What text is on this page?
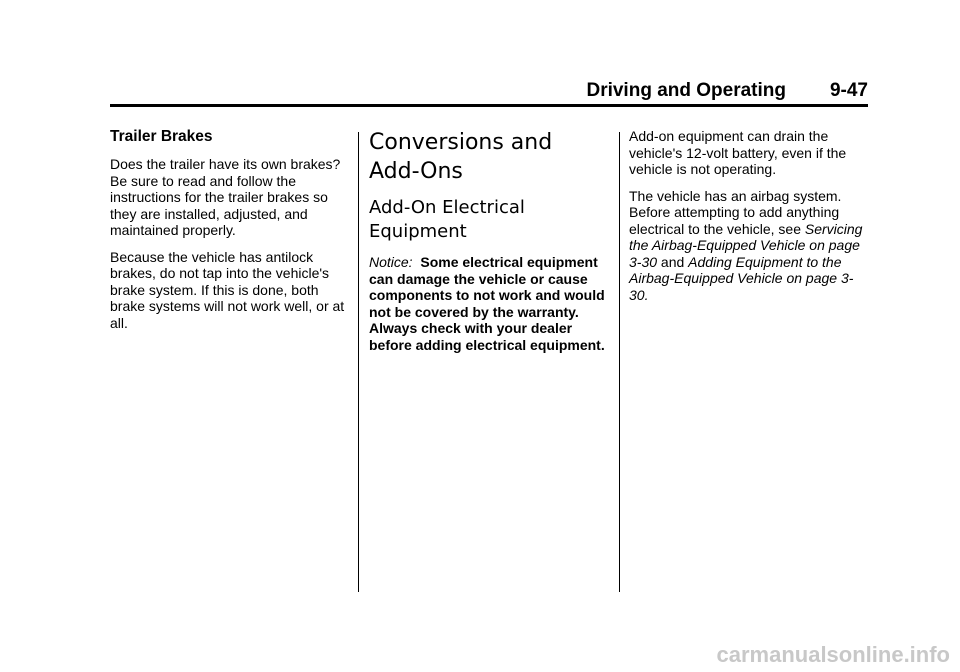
Driving and Operating 9-47
Trailer Brakes

Does the trailer have its own brakes? Be sure to read and follow the instructions for the trailer brakes so they are installed, adjusted, and maintained properly.

Because the vehicle has antilock brakes, do not tap into the vehicle's brake system. If this is done, both brake systems will not work well, or at all.

Conversions and Add-Ons
Add-On Electrical Equipment

Notice: Some electrical equipment can damage the vehicle or cause components to not work and would not be covered by the warranty. Always check with your dealer before adding electrical equipment.

Add-on equipment can drain the vehicle's 12-volt battery, even if the vehicle is not operating.

The vehicle has an airbag system. Before attempting to add anything electrical to the vehicle, see Servicing the Airbag-Equipped Vehicle on page 3-30 and Adding Equipment to the Airbag-Equipped Vehicle on page 3-30.

carmanualsonline.info
